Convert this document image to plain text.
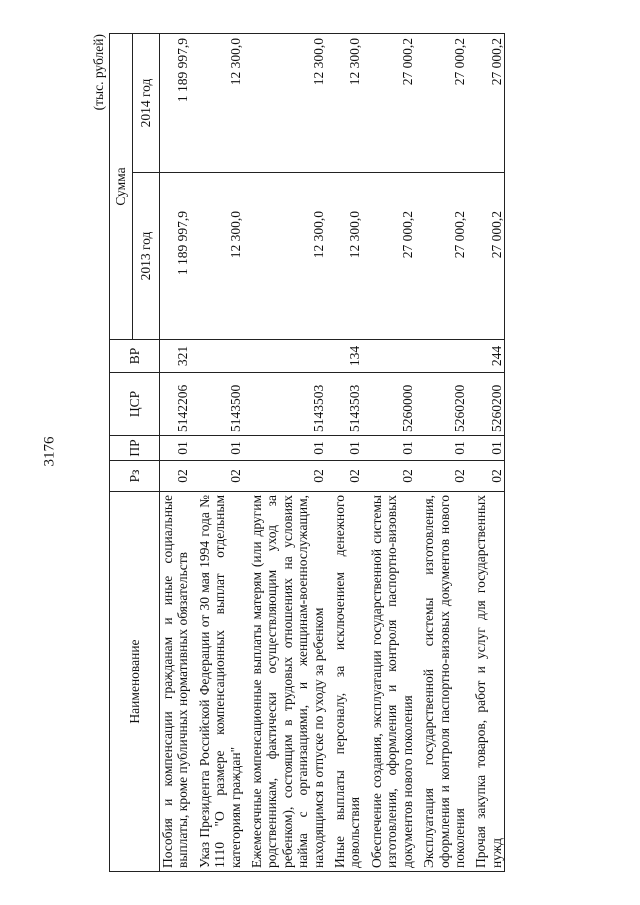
3176
(тыс. рублей)
Наименование	Рз	ПР	ЦСР	ВР	Сумма	
					2013 год	2014 год

Пособия и компенсации гражданам и иные социальные выплаты, кроме публичных нормативных обязательств	02	01	5142206	321	1 189 997,9	1 189 997,9

Указ Президента Российской Федерации от 30 мая 1994 года № 1110 "О размере компенсационных выплат отдельным категориям граждан"	02	01	5143500		12 300,0	12 300,0

Ежемесячные компенсационные выплаты матерям (или другим родственникам, фактически осуществляющим уход за ребенком), состоящим в трудовых отношениях на условиях найма с организациями, и женщинам-военнослужащим, находящимся в отпуске по уходу за ребенком	02	01	5143503		12 300,0	12 300,0

Иные выплаты персоналу, за исключением денежного довольствия	02	01	5143503	134	12 300,0	12 300,0

Обеспечение создания, эксплуатации государственной системы изготовления, оформления и контроля паспортно-визовых документов нового поколения	02	01	5260000		27 000,2	27 000,2

Эксплуатация государственной системы изготовления, оформления и контроля паспортно-визовых документов нового поколения	02	01	5260200		27 000,2	27 000,2

Прочая закупка товаров, работ и услуг для государственных нужд	02	01	5260200	244	27 000,2	27 000,2
